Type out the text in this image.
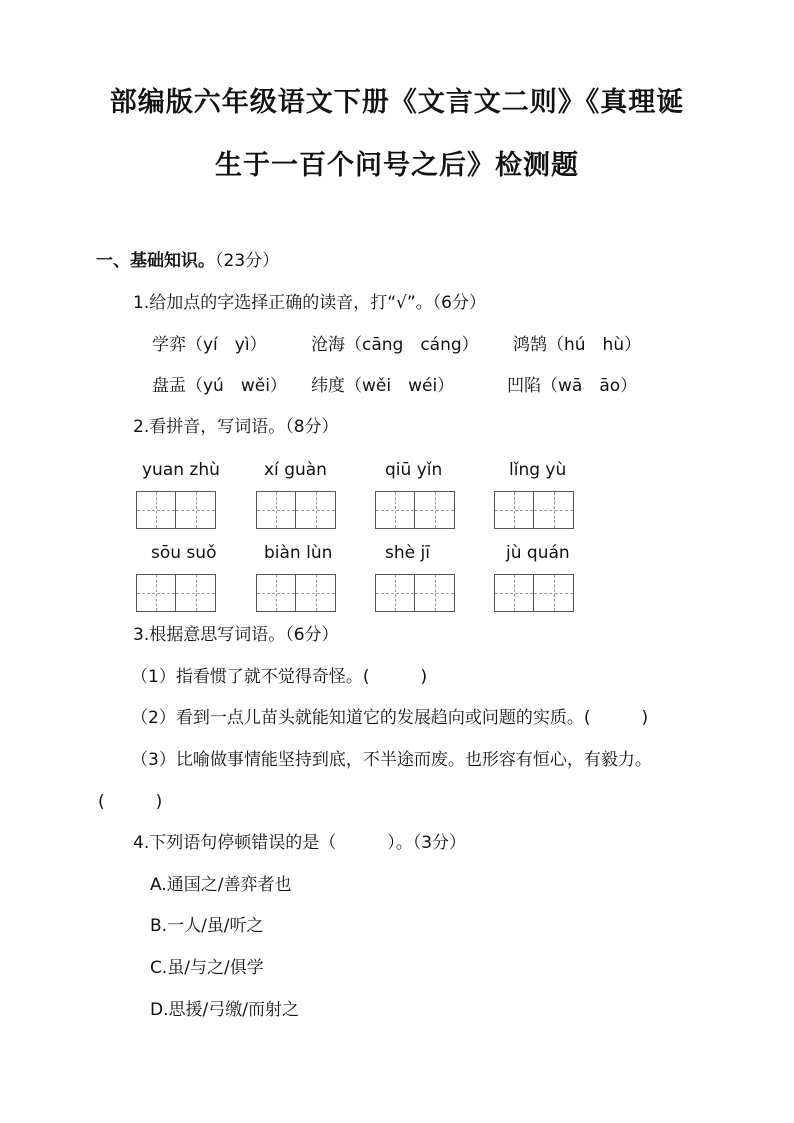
部编版六年级语文下册《文言文二则》《真理诞
生于一百个问号之后》检测题
一、基础知识。（23分）
1.给加点的字选择正确的读音，打“√”。（6分）
学弈（yí　yì）	沧海（cāng　cáng） 鸿鹄（hú　hù）
盘盂（yú　wěi） 纬度（wěi　wéi）	凹陷（wā　āo）
2.看拼音，写词语。（8分）
yuan zhù	xí guàn	qiū yǐn	lǐng yù
sōu suǒ	biàn lùn	shè jī	jù quán
3.根据意思写词语。（6分）
（1）指看惯了就不觉得奇怪。(　　　)
（2）看到一点儿苗头就能知道它的发展趋向或问题的实质。(　　　)
（3）比喻做事情能坚持到底，不半途而废。也形容有恒心，有毅力。
(　　　)
4.下列语句停顿错误的是（　　　）。（3分）
A.通国之/善弈者也
B.一人/虽/听之
C.虽/与之/俱学
D.思援/弓缴/而射之
